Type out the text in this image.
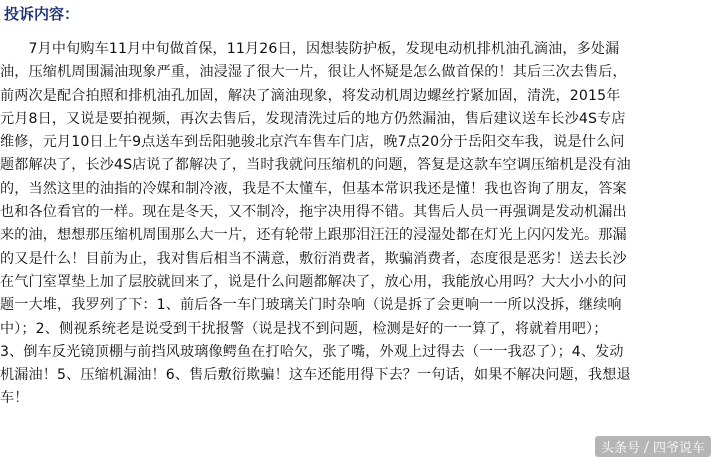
投诉内容：
　　7月中旬购车11月中旬做首保，11月26日，因想装防护板，发现电动机排机油孔滴油，多处漏
油，压缩机周围漏油现象严重，油浸湿了很大一片，很让人怀疑是怎么做首保的！其后三次去售后，
前两次是配合拍照和排机油孔加固，解决了滴油现象，将发动机周边螺丝拧紧加固，清洗，2015年
元月8日，又说是要拍视频，再次去售后，发现清洗过后的地方仍然漏油，售后建议送车长沙4S专店
维修，元月10日上午9点送车到岳阳驰骏北京汽车售车门店，晚7点20分于岳阳交车我，说是什么问
题都解决了，长沙4S店说了都解决了，当时我就问压缩机的问题，答复是这款车空调压缩机是没有油
的，当然这里的油指的冷媒和制冷液，我是不太懂车，但基本常识我还是懂！我也咨询了朋友，答案
也和各位看官的一样。现在是冬天，又不制冷，拖宇决用得不错。其售后人员一再强调是发动机漏出
来的油，想想那压缩机周围那么大一片，还有轮带上跟那泪汪汪的浸湿处都在灯光上闪闪发光。那漏
的又是什么！目前为止，我对售后相当不满意，敷衍消费者，欺骗消费者，态度很是恶劣！送去长沙
在气门室罩垫上加了层胶就回来了，说是什么问题都解决了，放心用，我能放心用吗？大大小小的问
题一大堆，我罗列了下：1、前后各一车门玻璃关门时杂响（说是拆了会更响一一所以没拆，继续响
中）；2、侧视系统老是说受到干扰报警（说是找不到问题，检测是好的一一算了，将就着用吧）；
3、倒车反光镜顶棚与前挡风玻璃像鳄鱼在打哈欠，张了嘴，外观上过得去（一一我忍了）；4、发动
机漏油！5、压缩机漏油！6、售后敷衍欺骗！这车还能用得下去？一句话，如果不解决问题，我想退
车！
头条号 四爷说车
